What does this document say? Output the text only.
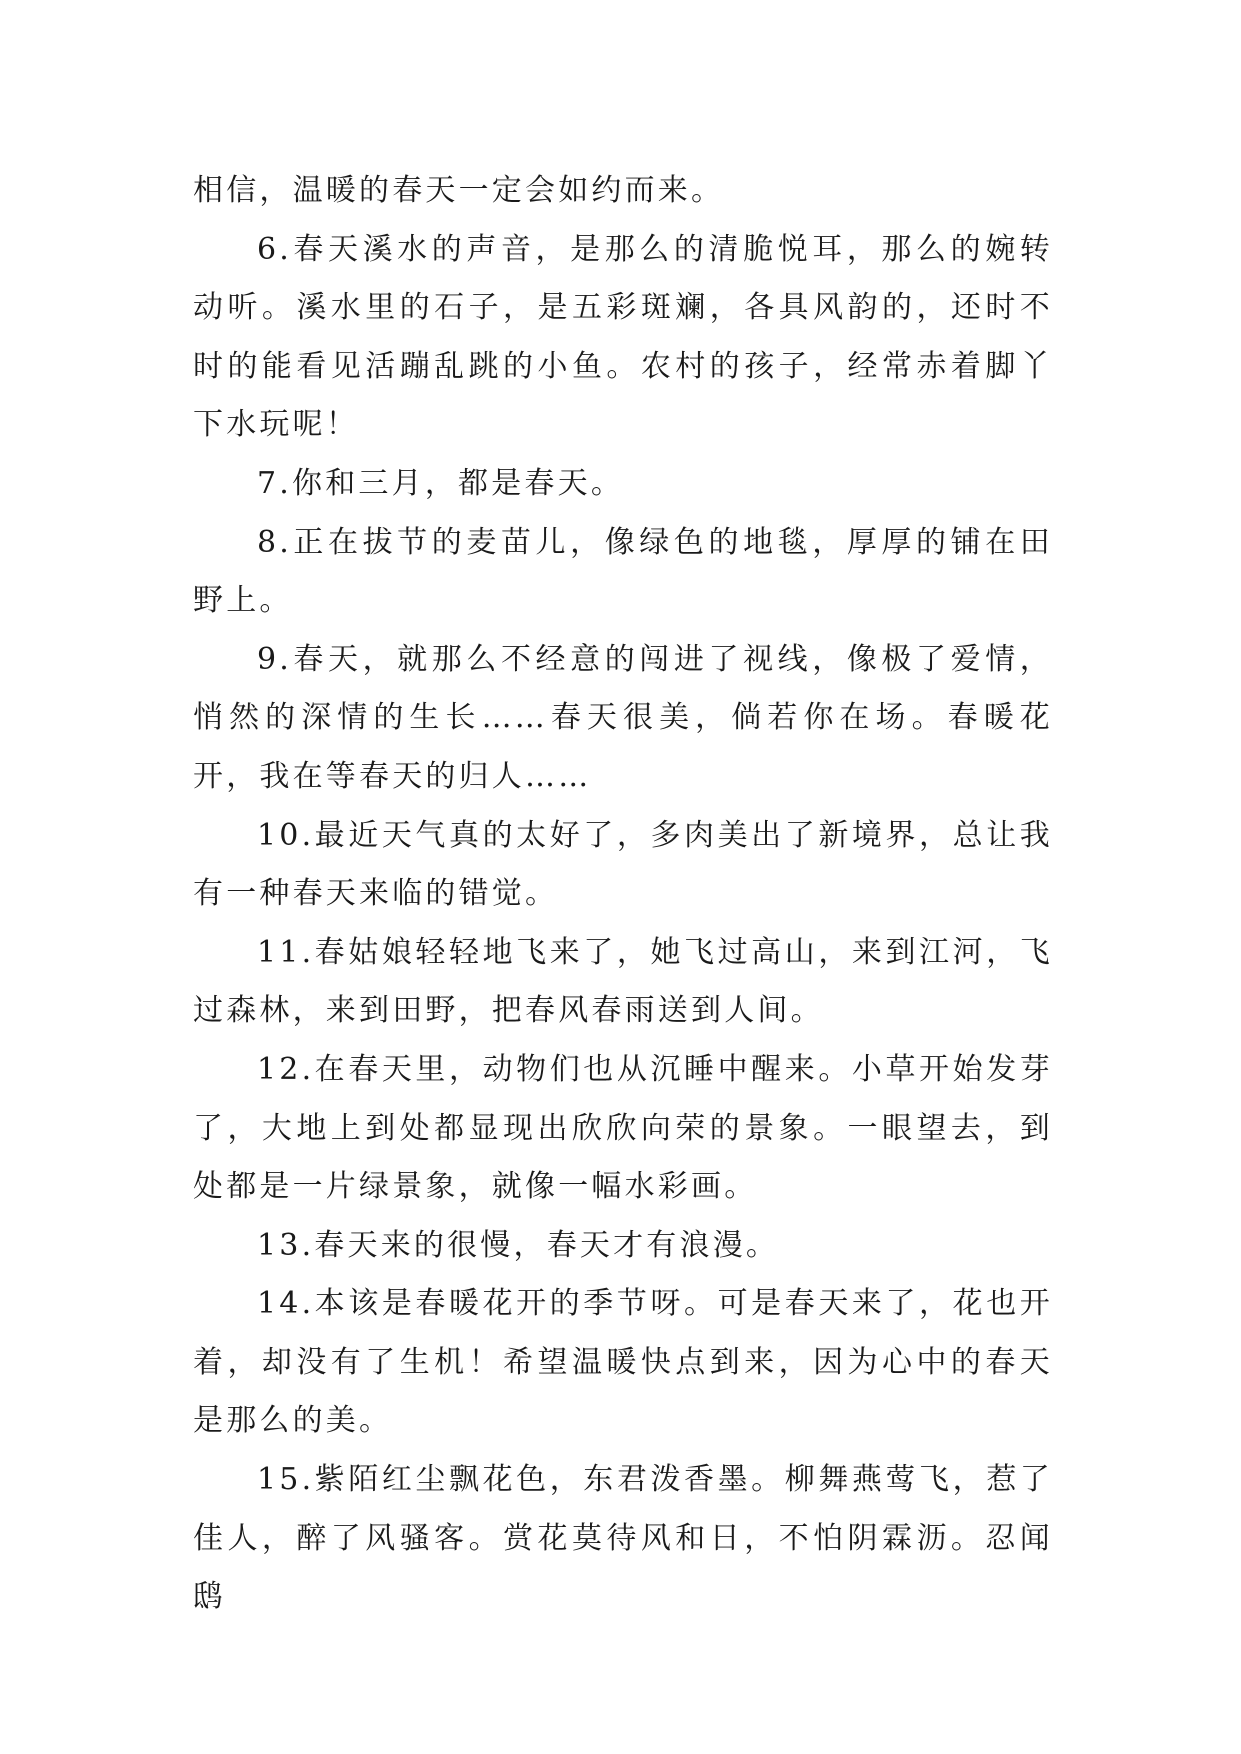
相信，温暖的春天一定会如约而来。

6.春天溪水的声音，是那么的清脆悦耳，那么的婉转动听。溪水里的石子，是五彩斑斓，各具风韵的，还时不时的能看见活蹦乱跳的小鱼。农村的孩子，经常赤着脚丫下水玩呢！

7.你和三月，都是春天。

8.正在拔节的麦苗儿，像绿色的地毯，厚厚的铺在田野上。

9.春天，就那么不经意的闯进了视线，像极了爱情，悄然的深情的生长……春天很美，倘若你在场。春暖花开，我在等春天的归人……

10.最近天气真的太好了，多肉美出了新境界，总让我有一种春天来临的错觉。

11.春姑娘轻轻地飞来了，她飞过高山，来到江河，飞过森林，来到田野，把春风春雨送到人间。

12.在春天里，动物们也从沉睡中醒来。小草开始发芽了，大地上到处都显现出欣欣向荣的景象。一眼望去，到处都是一片绿景象，就像一幅水彩画。

13.春天来的很慢，春天才有浪漫。

14.本该是春暖花开的季节呀。可是春天来了，花也开着，却没有了生机！希望温暖快点到来，因为心中的春天是那么的美。

15.紫陌红尘飘花色，东君泼香墨。柳舞燕莺飞，惹了佳人，醉了风骚客。赏花莫待风和日，不怕阴霖沥。忍闻鸱
